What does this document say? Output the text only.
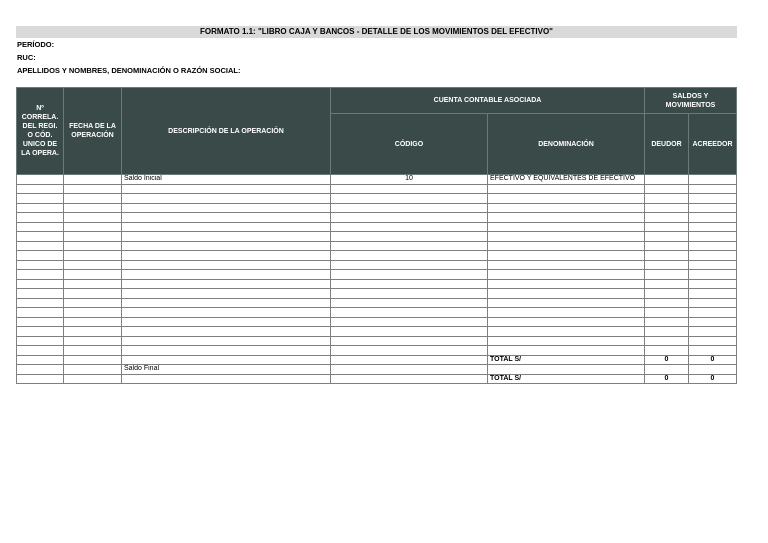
FORMATO 1.1: "LIBRO CAJA Y BANCOS - DETALLE DE LOS MOVIMIENTOS DEL EFECTIVO"
PERÍODO:
RUC:
APELLIDOS Y NOMBRES, DENOMINACIÓN O RAZÓN SOCIAL:
Nº CORRELA. DEL REGI. O CÓD. UNICO DE LA OPERA.	FECHA DE LA OPERACIÓN	DESCRIPCIÓN DE LA OPERACIÓN	CUENTA CONTABLE ASOCIADA		SALDOS Y MOVIMIENTOS	
			CÓDIGO	DENOMINACIÓN	DEUDOR	ACREEDOR
		Saldo Inicial	10	EFECTIVO Y EQUIVALENTES DE EFECTIVO		

				TOTAL S/	0	0
		Saldo Final				
				TOTAL S/	0	0
